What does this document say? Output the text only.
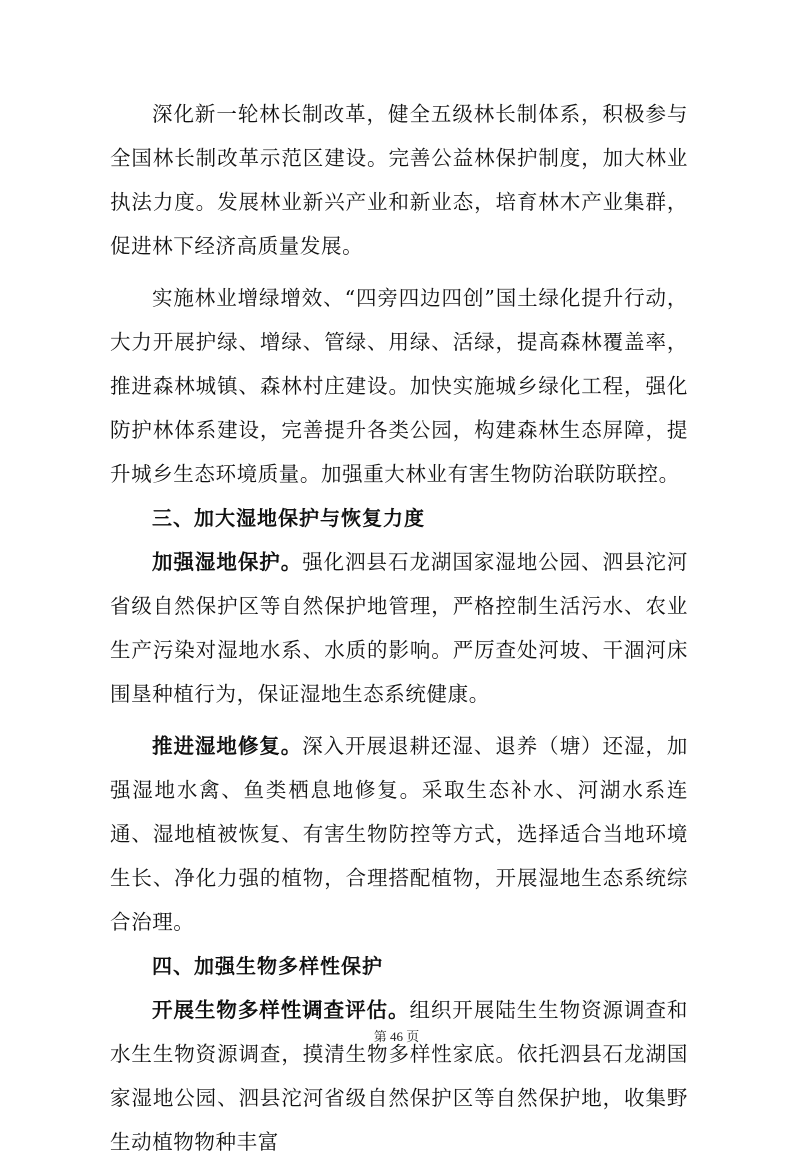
深化新一轮林长制改革，健全五级林长制体系，积极参与全国林长制改革示范区建设。完善公益林保护制度，加大林业执法力度。发展林业新兴产业和新业态，培育林木产业集群，促进林下经济高质量发展。

实施林业增绿增效、“四旁四边四创”国土绿化提升行动，大力开展护绿、增绿、管绿、用绿、活绿，提高森林覆盖率，推进森林城镇、森林村庄建设。加快实施城乡绿化工程，强化防护林体系建设，完善提升各类公园，构建森林生态屏障，提升城乡生态环境质量。加强重大林业有害生物防治联防联控。

三、加大湿地保护与恢复力度

加强湿地保护。强化泗县石龙湖国家湿地公园、泗县沱河省级自然保护区等自然保护地管理，严格控制生活污水、农业生产污染对湿地水系、水质的影响。严厉查处河坡、干涸河床围垦种植行为，保证湿地生态系统健康。

推进湿地修复。深入开展退耕还湿、退养（塘）还湿，加强湿地水禽、鱼类栖息地修复。采取生态补水、河湖水系连通、湿地植被恢复、有害生物防控等方式，选择适合当地环境生长、净化力强的植物，合理搭配植物，开展湿地生态系统综合治理。

四、加强生物多样性保护

开展生物多样性调查评估。组织开展陆生生物资源调查和水生生物资源调查，摸清生物多样性家底。依托泗县石龙湖国家湿地公园、泗县沱河省级自然保护区等自然保护地，收集野生动植物物种丰富

第 46 页
